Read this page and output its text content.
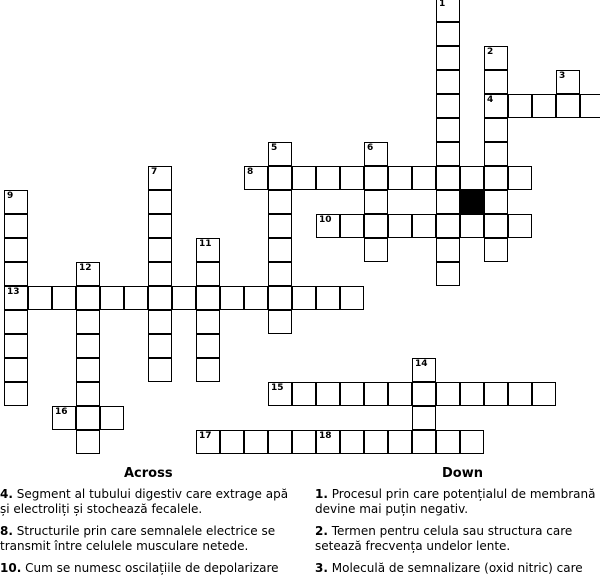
1
2
4
3
5	6
7	8
9
13
10
11
12
14
15
16
17	18
Across	Down
4. Segment al tubului digestiv care extrage apă și electroliți și stochează fecalele.
8. Structurile prin care semnalele electrice se transmit între celulele musculare netede.
10. Cum se numesc oscilațiile de depolarizare
1. Procesul prin care potențialul de membrană devine mai puțin negativ.
2. Termen pentru celula sau structura care setează frecvența undelor lente.
3. Moleculă de semnalizare (oxid nitric) care
